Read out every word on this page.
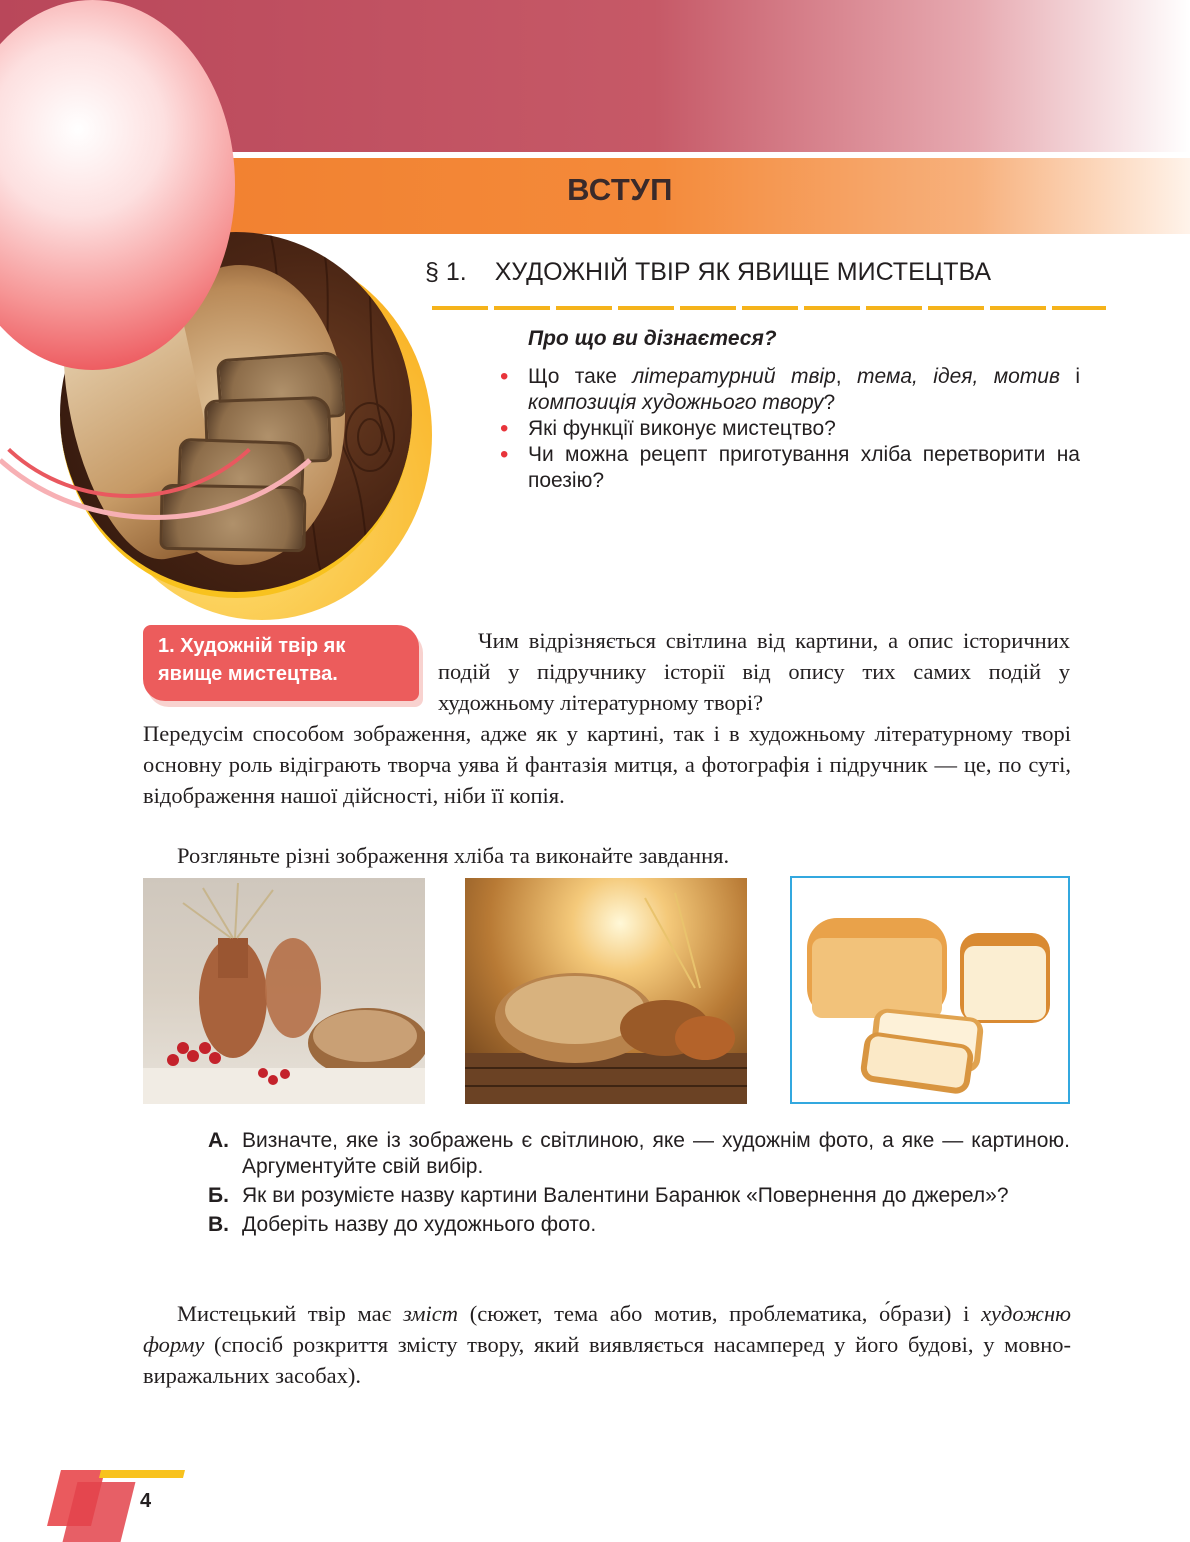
ВСТУП
§ 1. ХУДОЖНІЙ ТВІР ЯК ЯВИЩЕ МИСТЕЦТВА
Про що ви дізнаєтеся?
• Що таке літературний твір, тема, ідея, мотив і композиція художнього твору?
• Які функції виконує мистецтво?
• Чи можна рецепт приготування хліба перетворити на поезію?
1. Художній твір як
явище мистецтва.
Чим відрізняється світлина від картини, а опис історичних подій у підручнику історії від опису тих самих подій у художньому літературному творі?
Передусім способом зображення, адже як у картині, так і в художньому літературному творі основну роль відіграють творча уява й фантазія митця, а фотографія і підручник — це, по суті, відображення нашої дійсності, ніби її копія.
Розгляньте різні зображення хліба та виконайте завдання.
А. Визначте, яке із зображень є світлиною, яке — художнім фото, а яке — картиною. Аргументуйте свій вибір.
Б. Як ви розумієте назву картини Валентини Баранюк «Повернення до джерел»?
В. Доберіть назву до художнього фото.
Мистецький твір має зміст (сюжет, тема або мотив, проблематика, о́брази) і художню форму (спосіб розкриття змісту твору, який виявляється насамперед у його будові, у мовно-виражальних засобах).
4
